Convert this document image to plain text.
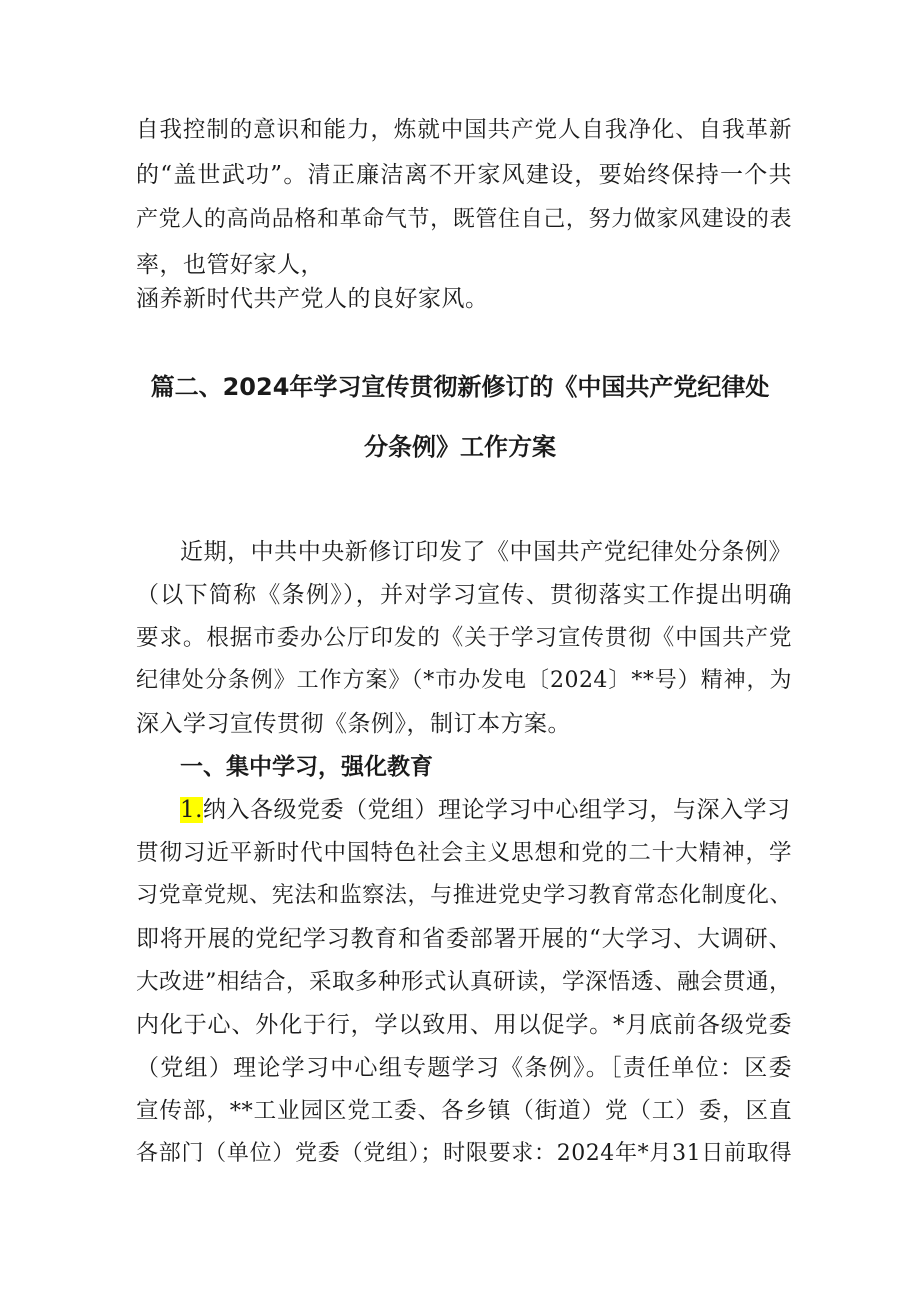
自我控制的意识和能力，炼就中国共产党人自我净化、自我革新
的“盖世武功”。清正廉洁离不开家风建设，要始终保持一个共
产党人的高尚品格和革命气节，既管住自己，努力做家风建设的表
率，也管好家人，
涵养新时代共产党人的良好家风。
篇二、2024年学习宣传贯彻新修订的《中国共产党纪律处
分条例》工作方案
近期，中共中央新修订印发了《中国共产党纪律处分条例》
（以下简称《条例》），并对学习宣传、贯彻落实工作提出明确
要求。根据市委办公厅印发的《关于学习宣传贯彻《中国共产党
纪律处分条例》工作方案》（*市办发电〔2024〕**号）精神，为
深入学习宣传贯彻《条例》，制订本方案。
一、集中学习，强化教育
1.纳入各级党委（党组）理论学习中心组学习，与深入学习
贯彻习近平新时代中国特色社会主义思想和党的二十大精神，学
习党章党规、宪法和监察法，与推进党史学习教育常态化制度化、
即将开展的党纪学习教育和省委部署开展的“大学习、大调研、
大改进”相结合，采取多种形式认真研读，学深悟透、融会贯通，
内化于心、外化于行，学以致用、用以促学。*月底前各级党委
（党组）理论学习中心组专题学习《条例》。［责任单位：区委
宣传部，**工业园区党工委、各乡镇（街道）党（工）委，区直
各部门（单位）党委（党组）；时限要求：2024年*月31日前取得
